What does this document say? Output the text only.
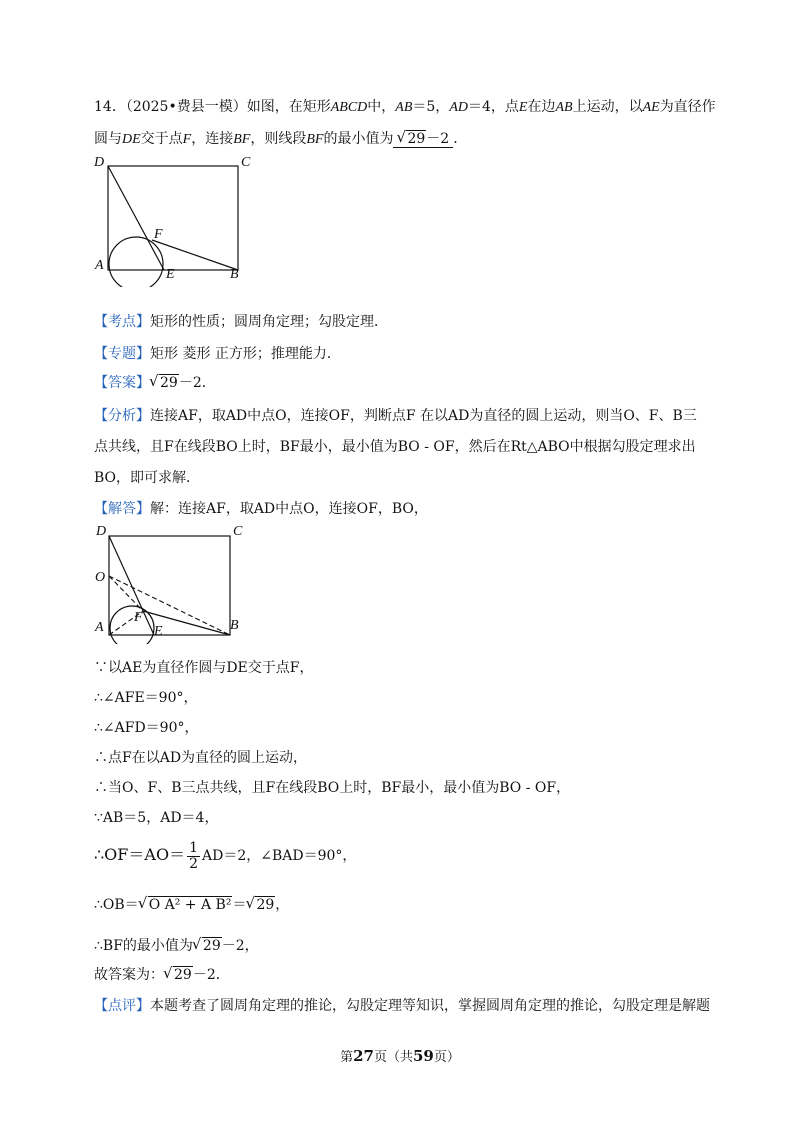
14．（2025•费县一模）如图，在矩形ABCD中，AB＝5，AD＝4，点E在边AB上运动，以AE为直径作
圆与DE交于点F，连接BF，则线段BF的最小值为 √ 29－2 ．
D	C
A
B
E
F
【考点】矩形的性质；圆周角定理；勾股定理．
【专题】矩形 菱形 正方形；推理能力．
【答案】 √ 29－2．
【分析】连接AF，取AD中点O，连接OF，判断点F 在以AD为直径的圆上运动，则当O、F、B三
点共线，且F在线段BO上时，BF最小，最小值为BO - OF，然后在Rt△ABO中根据勾股定理求出
BO，即可求解．
【解答】解：连接AF，取AD中点O，连接OF，BO，
D	C
O
F
A	E	B
∵以AE为直径作圆与DE交于点F，
∴∠AFE＝90°，
∴∠AFD＝90°，
∴点F在以AD为直径的圆上运动，
∴当O、F、B三点共线，且F在线段BO上时，BF最小，最小值为BO - OF，
∵AB＝5，AD＝4，
∴OF＝AO＝ $\frac{1}{2} AD=2$，∠BAD＝90°，
∴OB＝ √ O A² + A B²＝ √ 29，
∴BF的最小值为 √ 29－2，
故答案为： √ 29－2．
【点评】本题考查了圆周角定理的推论，勾股定理等知识，掌握圆周角定理的推论，勾股定理是解题
第27页（共59页）
